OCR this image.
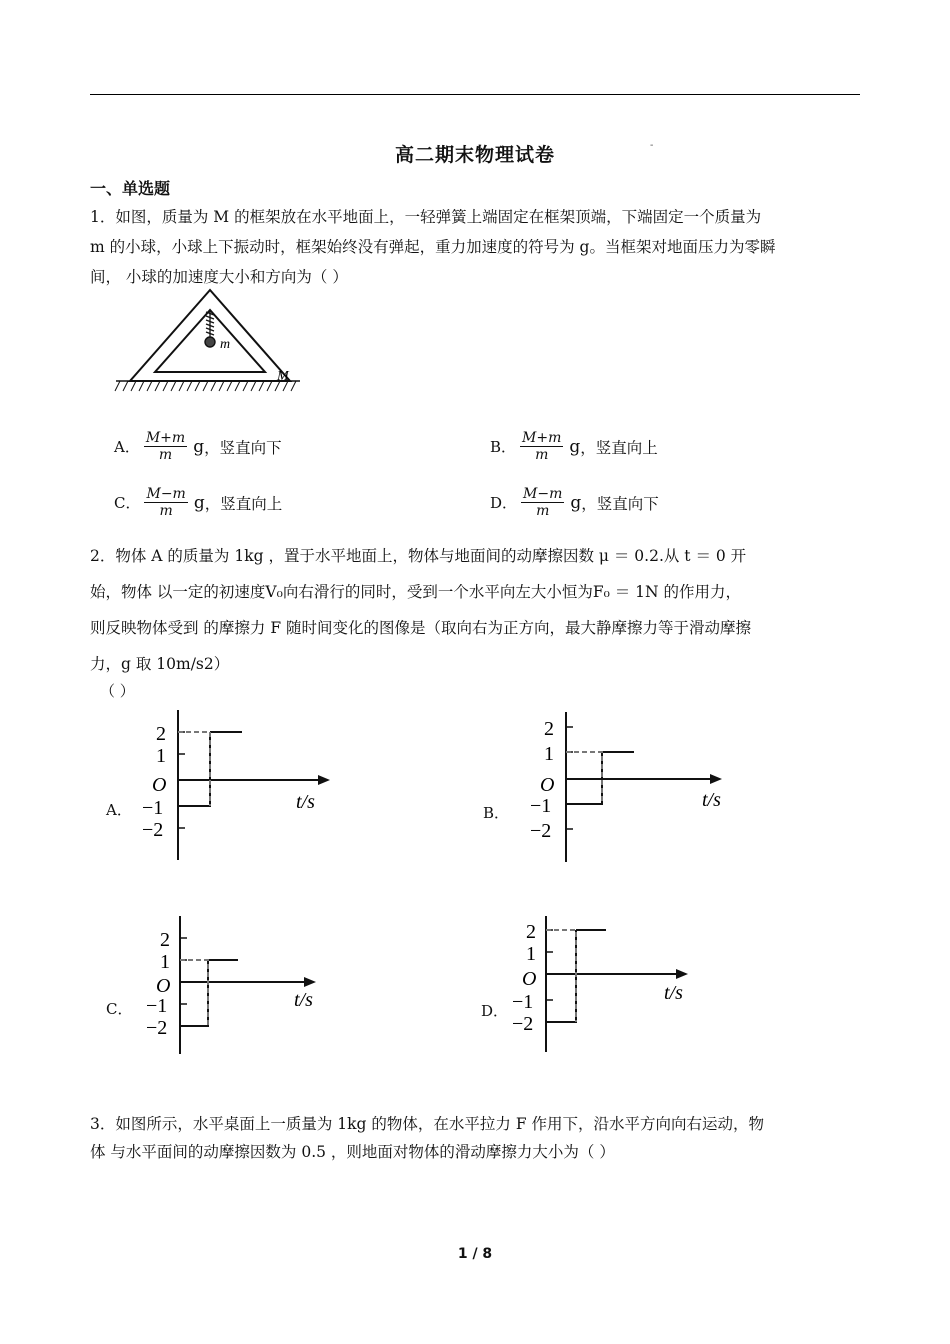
高二期末物理试卷	-
一、单选题
1．如图，质量为 M 的框架放在水平地面上，一轻弹簧上端固定在框架顶端，下端固定一个质量为
m 的小球，小球上下振动时，框架始终没有弹起，重力加速度的符号为 g。当框架对地面压力为零瞬
间， 小球的加速度大小和方向为（ ）
m
M
A． $\frac{M+m}{m}$ g ，竖直向下	B． $\frac{M+m}{m}$ g ，竖直向上
C． $\frac{M-m}{m}$ g ，竖直向上	D． $\frac{M-m}{m}$ g ，竖直向下
2．物体 A 的质量为 1kg ，置于水平地面上，物体与地面间的动摩擦因数 μ ＝ 0.2.从 t ＝ 0 开
始，物体 以一定的初速度V₀向右滑行的同时，受到一个水平向左大小恒为F₀ ＝ 1N 的作用力，
则反映物体受到 的摩擦力 F 随时间变化的图像是（取向右为正方向，最大静摩擦力等于滑动摩擦
力，g 取 10m/s2）
（ ）
A．
2
1
O
−1
−2
t/s	B．
2
1
O
−1
−2
t/s
C．
2
1
O
−1
−2
t/s	D．
2
1
O
−1
−2
t/s
3．如图所示，水平桌面上一质量为 1kg 的物体，在水平拉力 F 作用下，沿水平方向向右运动，物
体 与水平面间的动摩擦因数为 0.5 ，则地面对物体的滑动摩擦力大小为（ ）
1 / 8
